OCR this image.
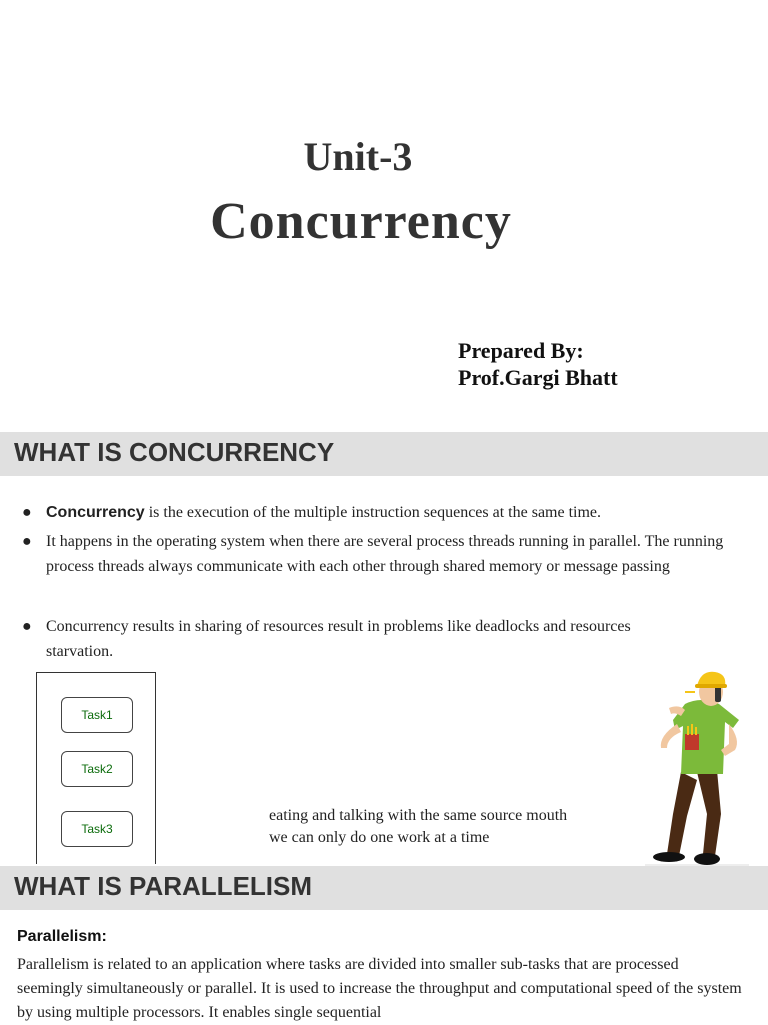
Unit-3
Concurrency
Prepared By:
Prof.Gargi Bhatt
WHAT IS CONCURRENCY
● Concurrency is the execution of the multiple instruction sequences at the same time.
● It happens in the operating system when there are several process threads running in parallel. The running process threads always communicate with each other through shared memory or message passing
● Concurrency results in sharing of resources result in problems like deadlocks and resources starvation.
Task1
Task2
Task3
eating and talking with the same source mouth
we can only do one work at a time
WHAT IS PARALLELISM
Parallelism:
Parallelism is related to an application where tasks are divided into smaller sub-tasks that are processed seemingly simultaneously or parallel. It is used to increase the throughput and computational speed of the system by using multiple processors. It enables single sequential
